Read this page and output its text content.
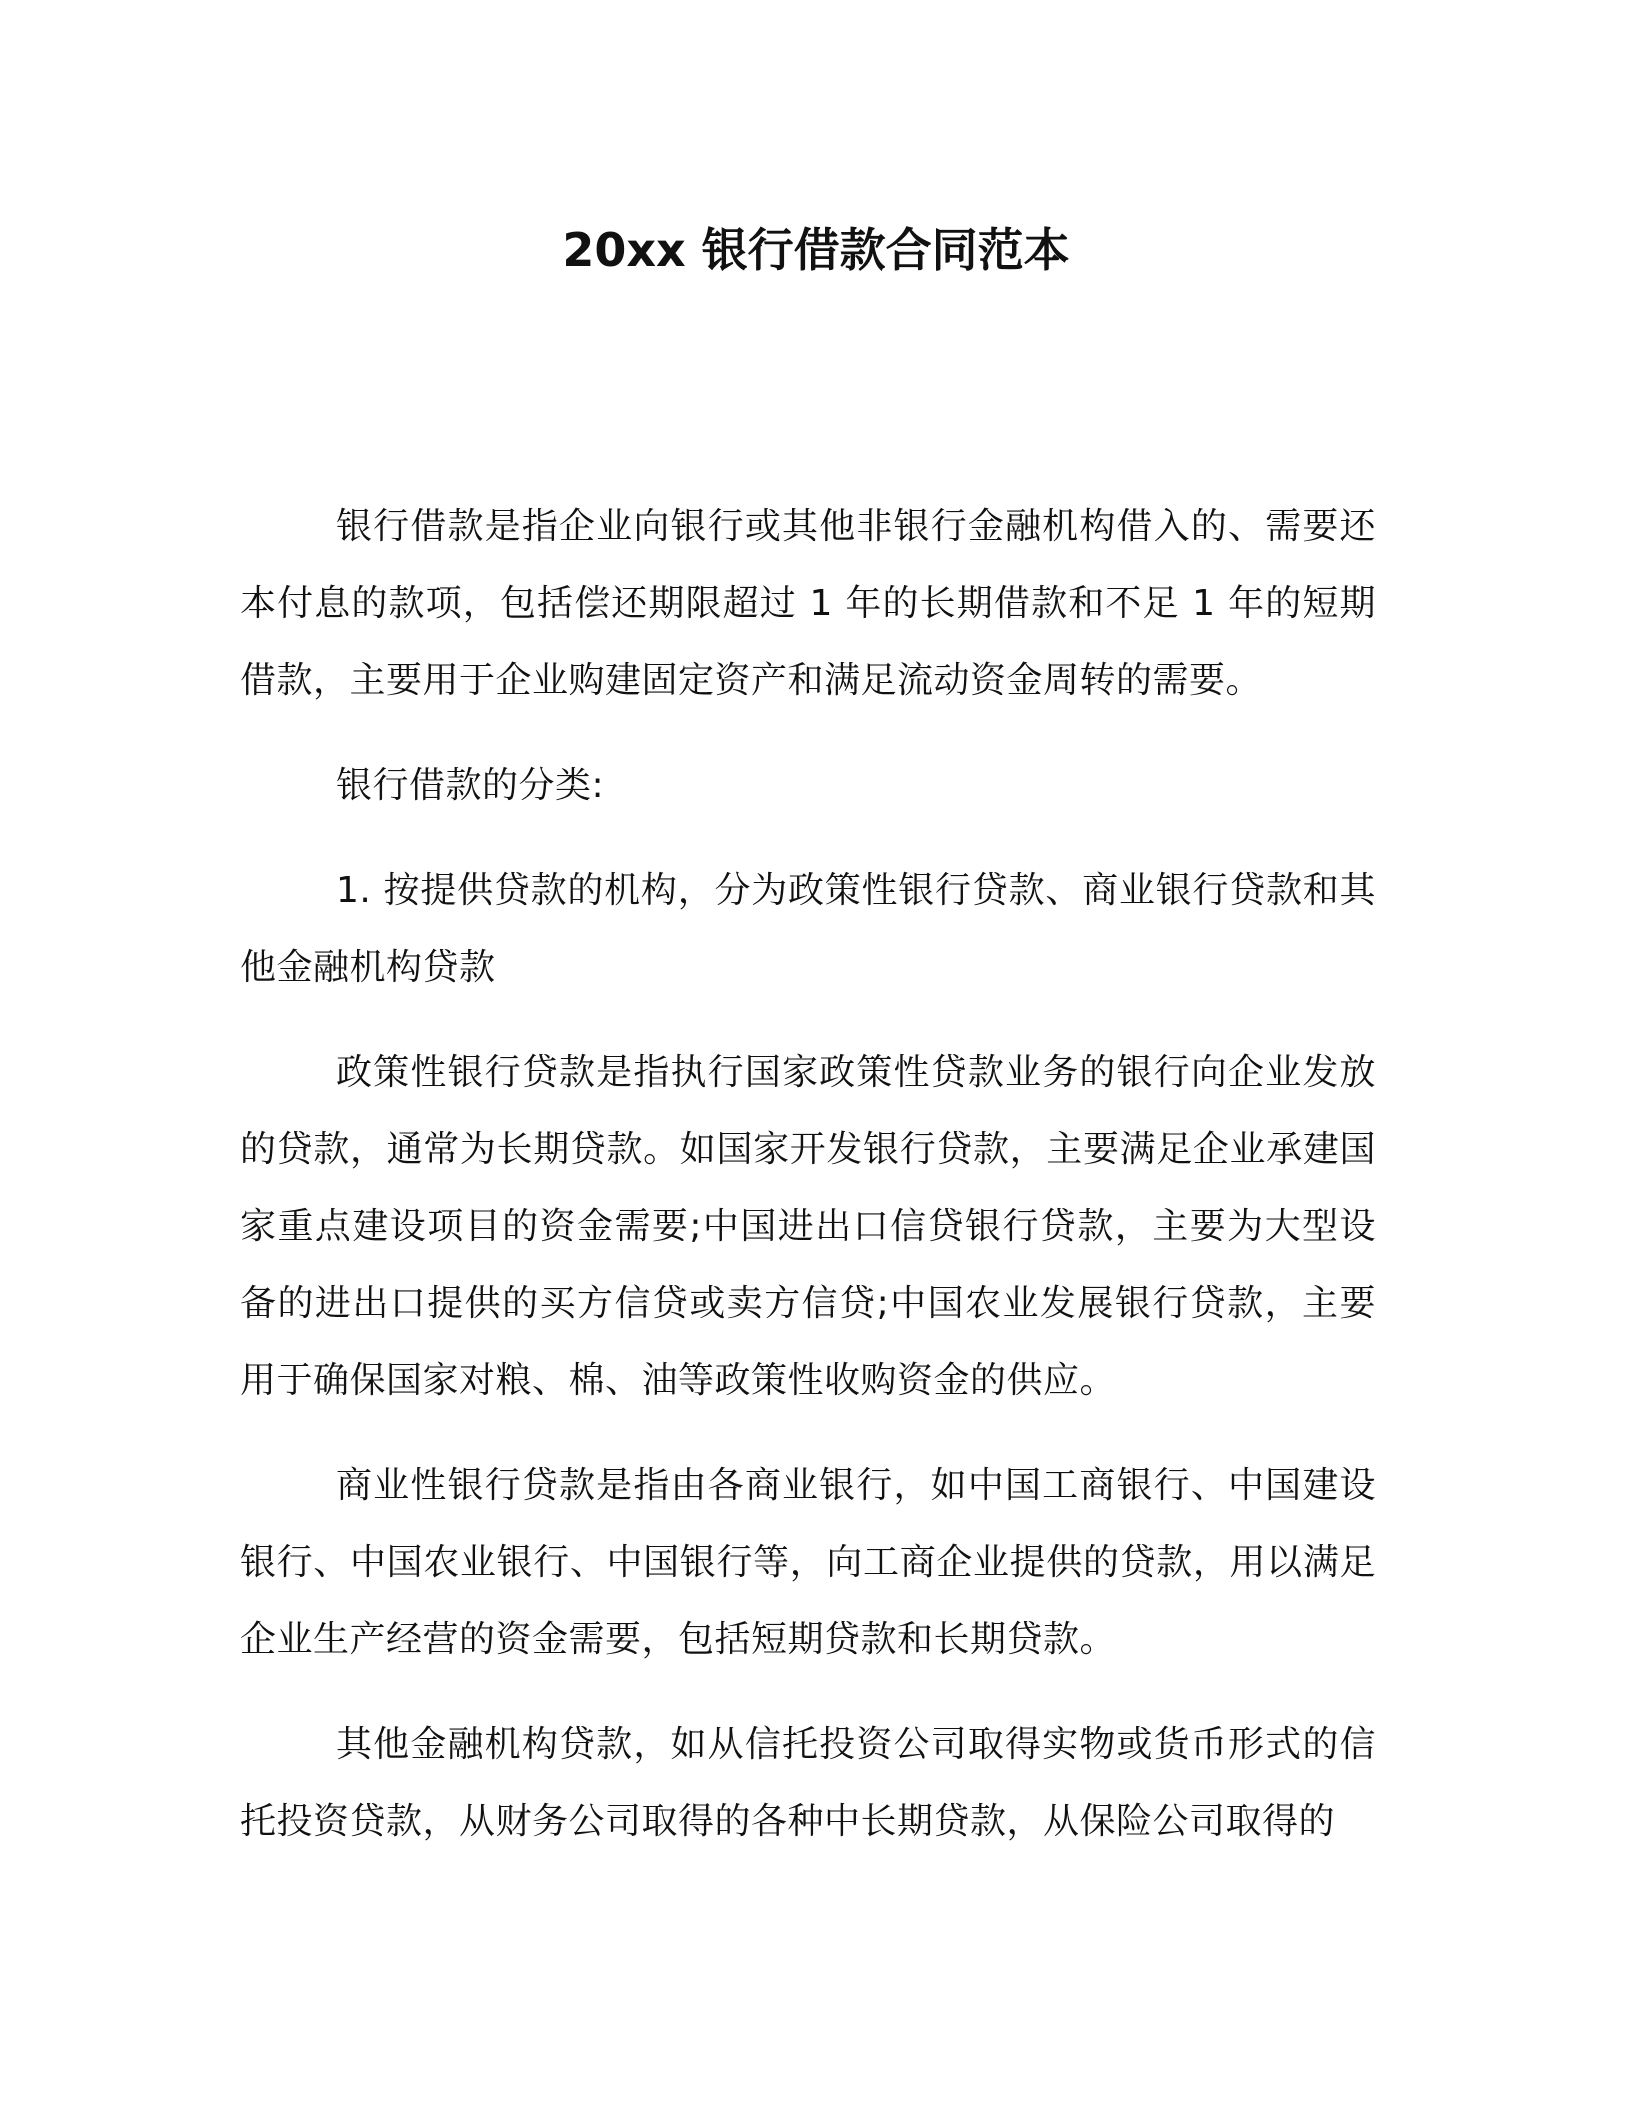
20xx 银行借款合同范本

银行借款是指企业向银行或其他非银行金融机构借入的、需要还本付息的款项，包括偿还期限超过 1 年的长期借款和不足 1 年的短期借款，主要用于企业购建固定资产和满足流动资金周转的需要。

银行借款的分类:

1. 按提供贷款的机构，分为政策性银行贷款、商业银行贷款和其他金融机构贷款

政策性银行贷款是指执行国家政策性贷款业务的银行向企业发放的贷款，通常为长期贷款。如国家开发银行贷款，主要满足企业承建国家重点建设项目的资金需要;中国进出口信贷银行贷款，主要为大型设备的进出口提供的买方信贷或卖方信贷;中国农业发展银行贷款，主要用于确保国家对粮、棉、油等政策性收购资金的供应。

商业性银行贷款是指由各商业银行，如中国工商银行、中国建设银行、中国农业银行、中国银行等，向工商企业提供的贷款，用以满足企业生产经营的资金需要，包括短期贷款和长期贷款。

其他金融机构贷款，如从信托投资公司取得实物或货币形式的信托投资贷款，从财务公司取得的各种中长期贷款，从保险公司取得的
